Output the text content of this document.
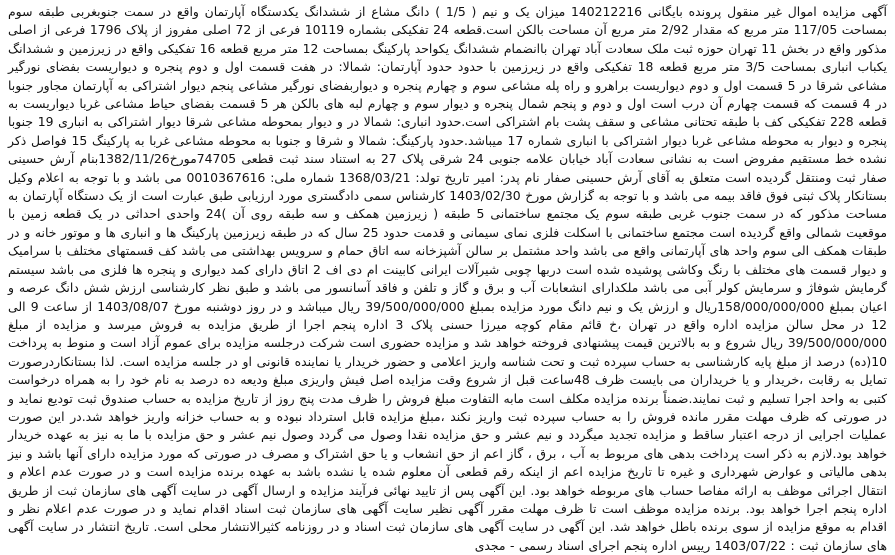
آگهی مزایده اموال غیر منقول پرونده بایگانی 140212216 میزان یک و نیم ( 1/5 ) دانگ مشاع از ششدانگ یکدستگاه آپارتمان واقع در سمت جنوبغربی طبقه سوم بمساحت 117/05 متر مربع که مقدار 2/92 متر مربع آن مساحت بالکن است.قطعه 24 تفکیکی بشماره 10119 فرعی از 72 اصلی مفروز از پلاک 1796 فرعی از اصلی مذکور واقع در بخش 11 تهران حوزه ثبت ملک سعادت آباد تهران باانضمام ششدانگ یکواحد پارکینگ بمساحت 12 متر مربع قطعه 16 تفکیکی واقع در زیرزمین و ششدانگ یکباب انباری بمساحت 3/5 متر مربع قطعه 18 تفکیکی واقع در زیرزمین با حدود حدود آپارتمان: شمالا: در هفت قسمت اول و دوم پنجره و دیواریست بفضای نورگیر مشاعی شرقا در 5 قسمت اول و دوم دیواریست براهرو و راه پله مشاعی سوم و چهارم پنجره و دیواربفضای نورگیر مشاعی پنجم دیوار اشتراکی به آپارتمان مجاور جنوبا در 4 قسمت که قسمت چهارم آن درب است اول و دوم و پنجم شمال پنجره و دیوار سوم و چهارم لبه های بالکن هر 5 قسمت بفضای حیاط مشاعی غربا دیواریست به قطعه 228 تفکیکی کف با طبقه تحتانی مشاعی و سقف پشت بام اشتراکی است.حدود انباری: شمالا در و دیوار بمحوطه مشاعی شرقا دیوار اشتراکی به انباری 19 جنوبا پنجره و دیوار به محوطه مشاعی غربا دیوار اشتراکی با انباری شماره 17 میباشد.حدود پارکینگ: شمالا و شرقا و جنوبا به محوطه مشاعی غربا به پارکینگ 15 فواصل ذکر نشده خط مستقیم مفروض است به نشانی سعادت آباد خیابان علامه جنوبی 24 شرقی پلاک 27 به استناد سند ثبت قطعی 74705مورخ1382/11/26بنام آرش حسینی صفار ثبت ومنتقل گردیده است متعلق به آقای آرش حسینی صفار نام پدر: امیر تاریخ تولد: 1368/03/21 شماره ملی: 0010367616 می باشد و با توجه به اعلام وکیل بستانکار پلاک ثبتی فوق فاقد بیمه می باشد و با توجه به گزارش مورخ 1403/02/30 کارشناس سمی دادگستری مورد ارزیابی طبق عبارت است از یک دستگاه آپارتمان به مساحت مذکور که در سمت جنوب غربی طبقه سوم یک مجتمع ساختمانی 5 طبقه ( زیرزمین همکف و سه طبقه روی آن )24 واحدی احداثی در یک قطعه زمین با موقعیت شمالی واقع گردیده است مجتمع ساختمانی با اسکلت فلزی نمای سیمانی و قدمت حدود 25 سال که در طبقه زیرزمین پارکینگ ها و انباری ها و موتور خانه و در طبقات همکف الی سوم واحد های آپارتمانی واقع می باشد واحد مشتمل بر سالن آشپزخانه سه اتاق حمام و سرویس بهداشتی می باشد کف قسمتهای مختلف با سرامیک و دیوار قسمت های مختلف با رنگ وکاشی پوشیده شده است دربها چوبی شیرآلات ایرانی کابینت ام دی اف 2 اتاق دارای کمد دیواری و پنجره ها فلزی می باشد سیستم گرمایش شوفاژ و سرمایش کولر آبی می باشد ملکدارای انشعابات آب و برق و گاز و تلفن و فاقد آسانسور می باشد و طبق نظر کارشناسی ارزش شش دانگ عرصه و اعیان بمبلغ 158/000/000/000ریال و ارزش یک و نیم دانگ مورد مزایده بمبلغ 39/500/000/000 ریال میباشد و در روز دوشنبه مورخ 1403/08/07 از ساعت 9 الی 12 در محل سالن مزایده اداره واقع در تهران ،خ قائم مقام کوچه میرزا حسنی پلاک 3 اداره پنجم اجرا از طریق مزایده به فروش میرسد و مزایده از مبلغ 39/500/000/000 ریال شروع و به بالاترین قیمت پیشنهادی فروخته خواهد شد و مزایده حضوری است شرکت درجلسه مزایده برای عموم آزاد است و منوط به پرداخت 10(ده) درصد از مبلغ پایه کارشناسی به حساب سپرده ثبت و تحت شناسه واریز اعلامی و حضور خریدار یا نماینده قانونی او در جلسه مزایده است. لذا بستانکاردرصورت تمایل به رقابت ،خریدار و یا خریداران می بایست ظرف 48ساعت قبل از شروع وقت مزایده اصل فیش واریزی مبلغ ودیعه ده درصد به نام خود را به همراه درخواست کتبی به واحد اجرا تسلیم و ثبت نمایند.ضمناً برنده مزایده مکلف است مابه التفاوت مبلغ فروش را ظرف مدت پنج روز از تاریخ مزایده به حساب صندوق ثبت تودیع نماید و در صورتی که ظرف مهلت مقرر مانده فروش را به حساب سپرده ثبت واریز نکند ،مبلغ مزایده قابل استرداد نبوده و به حساب خزانه واریز خواهد شد.در این صورت عملیات اجرایی از درجه اعتبار ساقط و مزایده تجدید میگردد و نیم عشر و حق مزایده نقدا وصول می گردد وصول نیم عشر و حق مزایده با ما به نیز به عهده خریدار خواهد بود.لازم به ذکر است پرداخت بدهی های مربوط به آب ، برق ، گاز اعم از حق انشعاب و یا حق اشتراک و مصرف در صورتی که مورد مزایده دارای آنها باشد و نیز بدهی مالیاتی و عوارض شهرداری و غیره تا تاریخ مزایده اعم از اینکه رقم قطعی آن معلوم شده یا نشده باشد به عهده برنده مزایده است و در صورت عدم اعلام و انتقال اجرائی موظف به ارائه مفاصا حساب های مربوطه خواهد بود. این آگهی پس از تایید نهائی فرآیند مزایده و ارسال آگهی در سایت آگهی های سازمان ثبت از طریق اداره پنجم اجرا خواهد بود. برنده مزایده موظف است تا ظرف مهلت مقرر آگهی نظیر سایت آگهی های سازمان ثبت اسناد اقدام نماید و در صورت عدم اعلام نظر و اقدام به موقع مزایده از سوی برنده باطل خواهد شد. این آگهی در سایت آگهی های سازمان ثبت اسناد و در روزنامه کثیرالانتشار محلی است. تاریخ انتشار در سایت آگهی های سازمان ثبت : 1403/07/22 رییس اداره پنجم اجرای اسناد رسمی - مجدی
